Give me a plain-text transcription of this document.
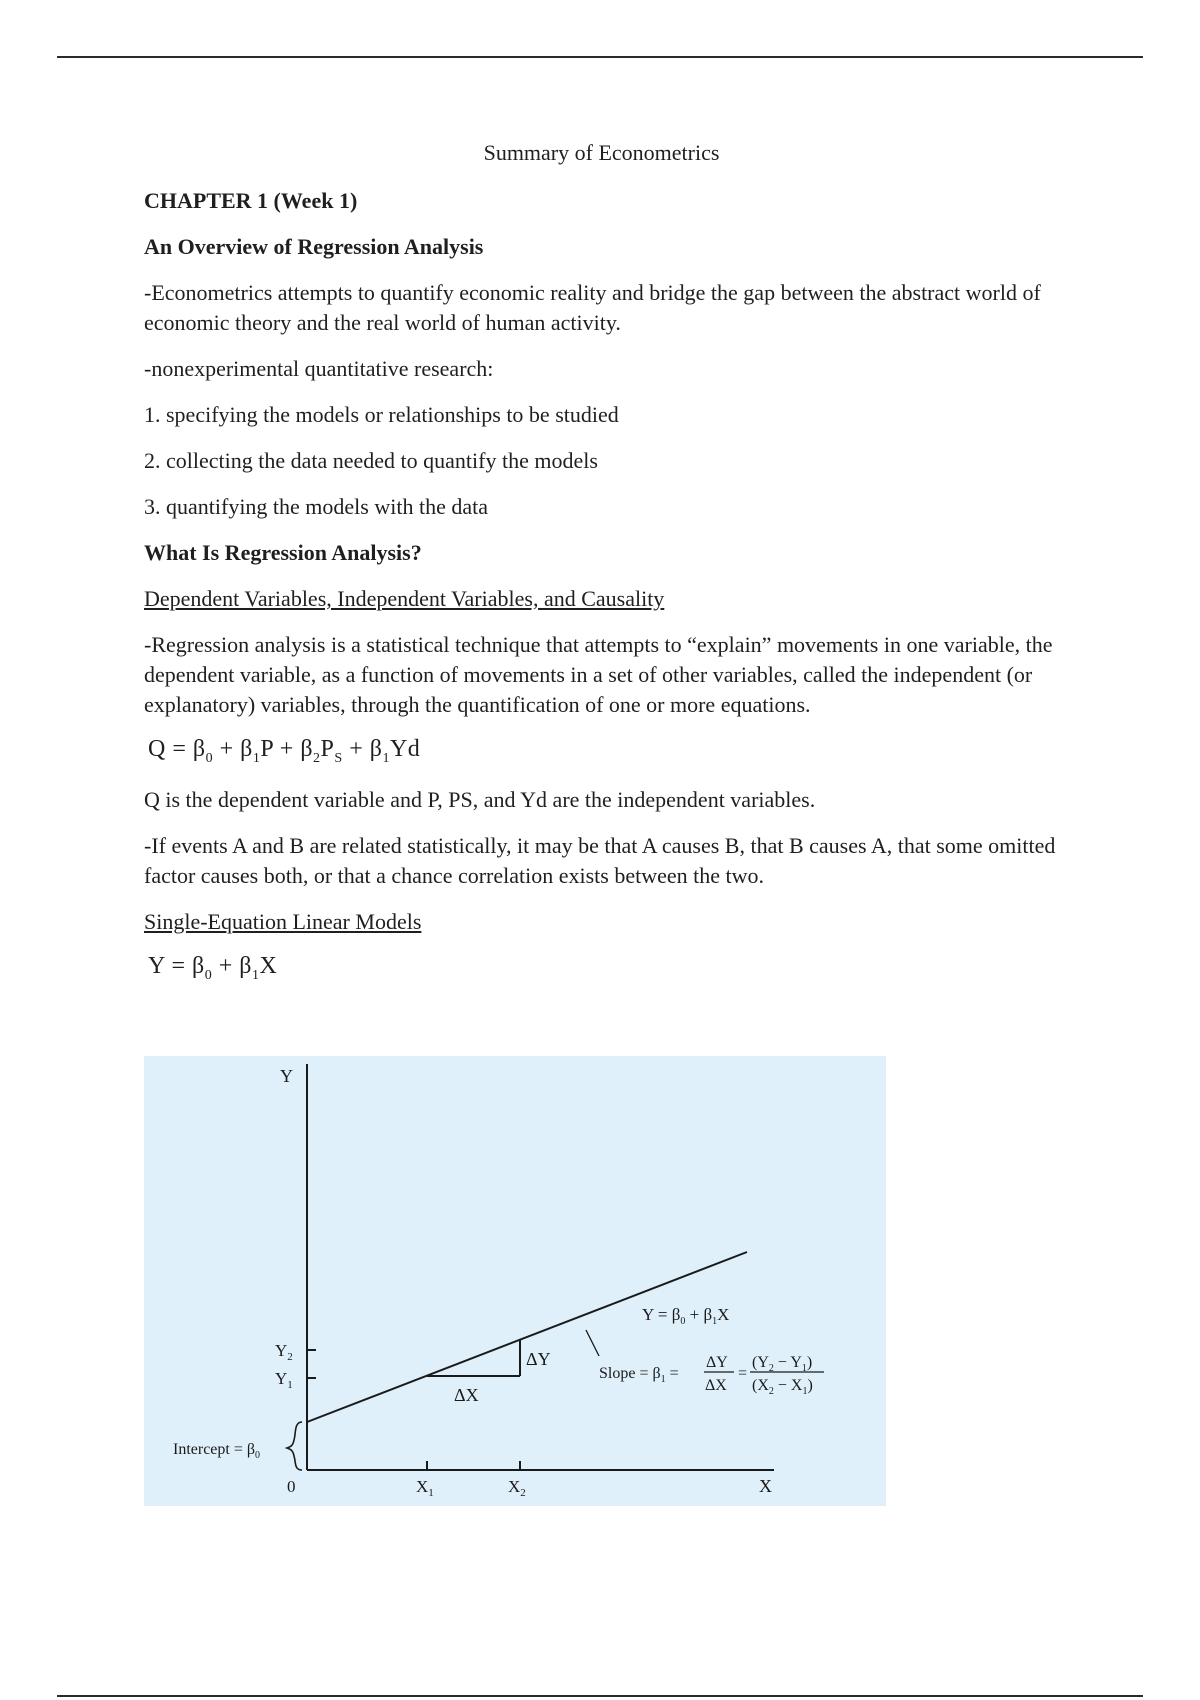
Summary of Econometrics
CHAPTER 1 (Week 1)
An Overview of Regression Analysis
-Econometrics attempts to quantify economic reality and bridge the gap between the abstract world of economic theory and the real world of human activity.
-nonexperimental quantitative research:
1. specifying the models or relationships to be studied
2. collecting the data needed to quantify the models
3. quantifying the models with the data
What Is Regression Analysis?
Dependent Variables, Independent Variables, and Causality
-Regression analysis is a statistical technique that attempts to “explain” movements in one variable, the dependent variable, as a function of movements in a set of other variables, called the independent (or explanatory) variables, through the quantification of one or more equations.
$Q = \beta_0 + \beta_1P + \beta_2P_S + \beta_1Yd$
Q is the dependent variable and P, PS, and Yd are the independent variables.
-If events A and B are related statistically, it may be that A causes B, that B causes A, that some omitted factor causes both, or that a chance correlation exists between the two.
Single-Equation Linear Models
$Y = \beta_0 + \beta_1X$
Y
X
0
ΔX
ΔY
$Y_2$
$Y_1$
$X_1$	$X_2$
Intercept = $\beta_0$
$Y = \beta_0 + \beta_1X$
Slope = $\beta_1$ =
ΔY
ΔX
=
$(Y_2 - Y_1)$
$(X_2 - X_1)$
